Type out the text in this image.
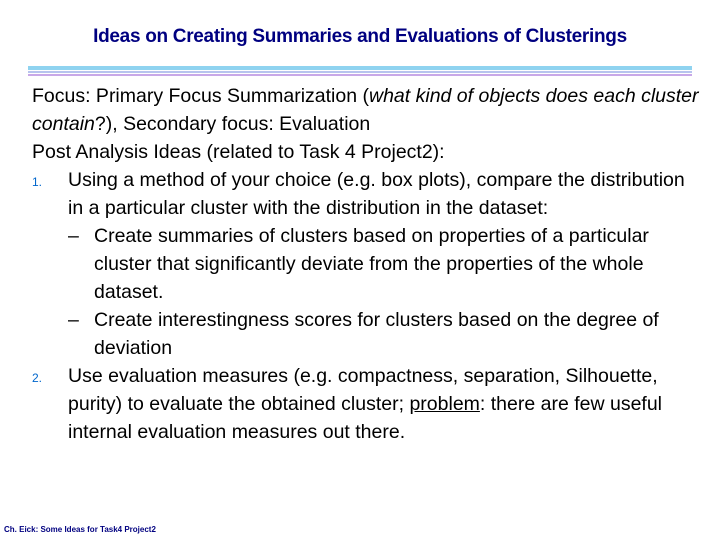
Ideas on Creating Summaries and Evaluations of Clusterings

Focus: Primary Focus Summarization (what kind of objects does each cluster contain?), Secondary focus: Evaluation

Post Analysis Ideas (related to Task 4 Project2):

1. Using a method of your choice (e.g. box plots), compare the distribution in a particular cluster with the distribution in the dataset:
– Create summaries of clusters based on properties of a particular cluster that significantly deviate from the properties of the whole dataset.
– Create interestingness scores for clusters based on the degree of deviation
2. Use evaluation measures (e.g. compactness, separation, Silhouette, purity) to evaluate the obtained cluster; problem: there are few useful internal evaluation measures out there.
Ch. Eick: Some Ideas for Task4 Project2
